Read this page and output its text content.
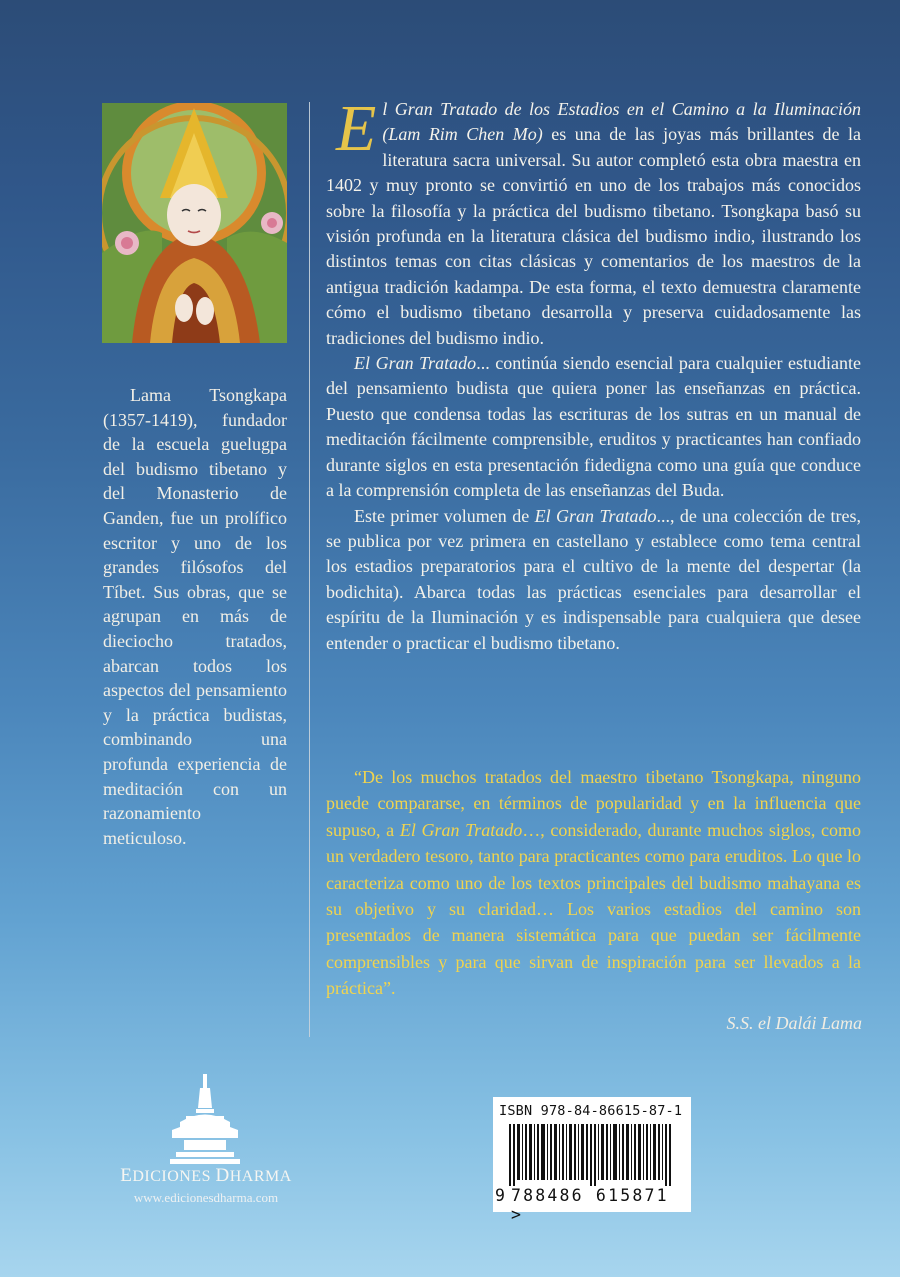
Lama Tsongkapa (1357-1419), fundador de la escuela guelugpa del budismo tibetano y del Monasterio de Ganden, fue un prolífico escritor y uno de los grandes filósofos del Tíbet. Sus obras, que se agrupan en más de dieciocho tratados, abarcan todos los aspectos del pensamiento y la práctica budistas, combinando una profunda experiencia de meditación con un razonamiento meticuloso.

El Gran Tratado de los Estadios en el Camino a la Iluminación (Lam Rim Chen Mo) es una de las joyas más brillantes de la literatura sacra universal. Su autor completó esta obra maestra en 1402 y muy pronto se convirtió en uno de los trabajos más conocidos sobre la filosofía y la práctica del budismo tibetano. Tsongkapa basó su visión profunda en la literatura clásica del budismo indio, ilustrando los distintos temas con citas clásicas y comentarios de los maestros de la antigua tradición kadampa. De esta forma, el texto demuestra claramente cómo el budismo tibetano desarrolla y preserva cuidadosamente las tradiciones del budismo indio.

El Gran Tratado... continúa siendo esencial para cualquier estudiante del pensamiento budista que quiera poner las enseñanzas en práctica. Puesto que condensa todas las escrituras de los sutras en un manual de meditación fácilmente comprensible, eruditos y practicantes han confiado durante siglos en esta presentación fidedigna como una guía que conduce a la comprensión completa de las enseñanzas del Buda.

Este primer volumen de El Gran Tratado..., de una colección de tres, se publica por vez primera en castellano y establece como tema central los estadios preparatorios para el cultivo de la mente del despertar (la bodichita). Abarca todas las prácticas esenciales para desarrollar el espíritu de la Iluminación y es indispensable para cualquiera que desee entender o practicar el budismo tibetano.

“De los muchos tratados del maestro tibetano Tsongkapa, ninguno puede compararse, en términos de popularidad y en la influencia que supuso, a El Gran Tratado…, considerado, durante muchos siglos, como un verdadero tesoro, tanto para practicantes como para eruditos. Lo que lo caracteriza como uno de los textos principales del budismo mahayana es su objetivo y su claridad… Los varios estadios del camino son presentados de manera sistemática para que puedan ser fácilmente comprensibles y para que sirvan de inspiración para ser llevados a la práctica”.

S.S. el Dalái Lama
EDICIONES DHARMA
www.edicionesdharma.com
ISBN 978-84-86615-87-1
9 788486 615871 >
